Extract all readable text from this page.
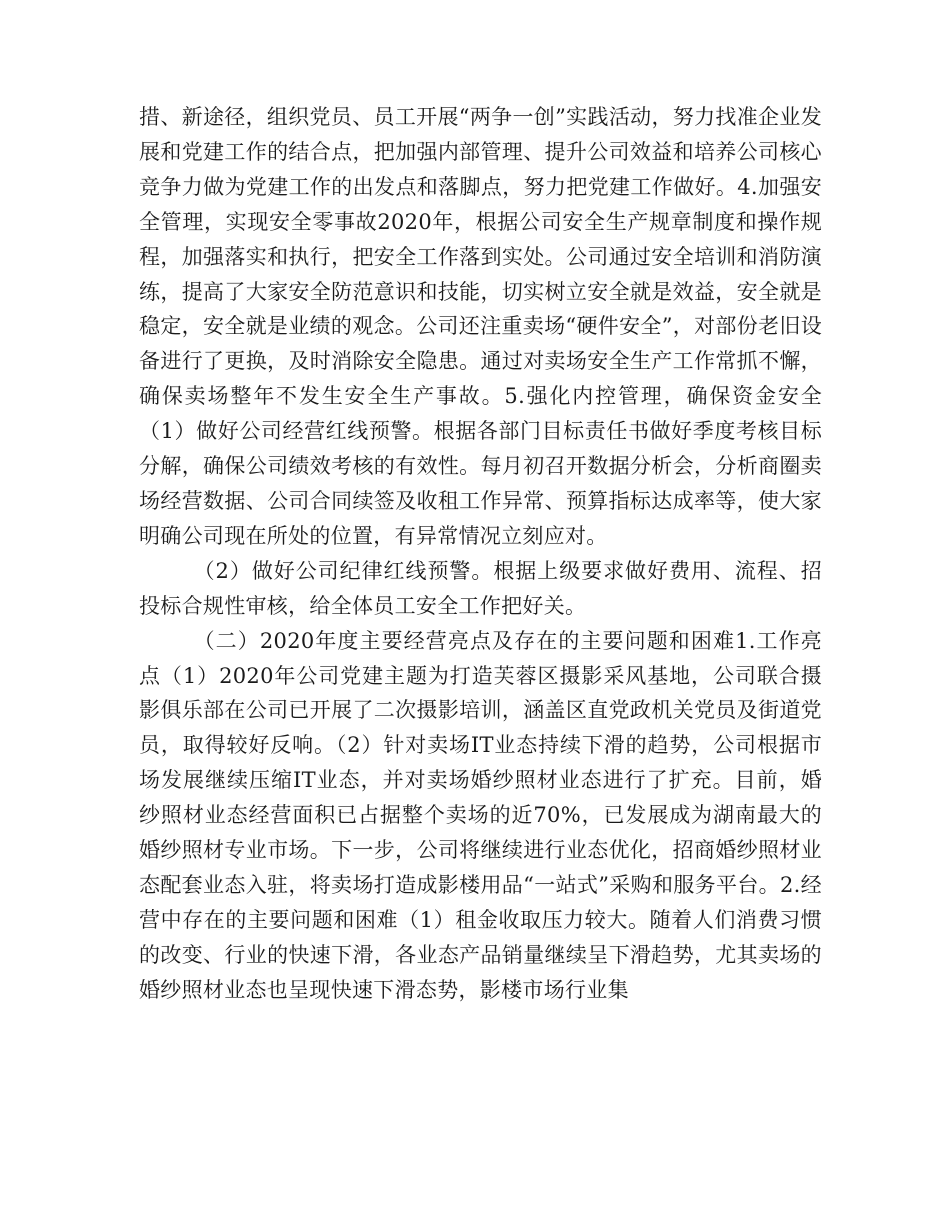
措、新途径，组织党员、员工开展“两争一创”实践活动，努力找准企业发展和党建工作的结合点，把加强内部管理、提升公司效益和培养公司核心竞争力做为党建工作的出发点和落脚点，努力把党建工作做好。4.加强安全管理，实现安全零事故2020年，根据公司安全生产规章制度和操作规程，加强落实和执行，把安全工作落到实处。公司通过安全培训和消防演练，提高了大家安全防范意识和技能，切实树立安全就是效益，安全就是稳定，安全就是业绩的观念。公司还注重卖场“硬件安全”，对部份老旧设备进行了更换，及时消除安全隐患。通过对卖场安全生产工作常抓不懈，确保卖场整年不发生安全生产事故。5.强化内控管理，确保资金安全（1）做好公司经营红线预警。根据各部门目标责任书做好季度考核目标分解，确保公司绩效考核的有效性。每月初召开数据分析会，分析商圈卖场经营数据、公司合同续签及收租工作异常、预算指标达成率等，使大家明确公司现在所处的位置，有异常情况立刻应对。

（2）做好公司纪律红线预警。根据上级要求做好费用、流程、招投标合规性审核，给全体员工安全工作把好关。

（二）2020年度主要经营亮点及存在的主要问题和困难1.工作亮点（1）2020年公司党建主题为打造芙蓉区摄影采风基地，公司联合摄影俱乐部在公司已开展了二次摄影培训，涵盖区直党政机关党员及街道党员，取得较好反响。（2）针对卖场IT业态持续下滑的趋势，公司根据市场发展继续压缩IT业态，并对卖场婚纱照材业态进行了扩充。目前，婚纱照材业态经营面积已占据整个卖场的近70%，已发展成为湖南最大的婚纱照材专业市场。下一步，公司将继续进行业态优化，招商婚纱照材业态配套业态入驻，将卖场打造成影楼用品“一站式”采购和服务平台。2.经营中存在的主要问题和困难（1）租金收取压力较大。随着人们消费习惯的改变、行业的快速下滑，各业态产品销量继续呈下滑趋势，尤其卖场的婚纱照材业态也呈现快速下滑态势，影楼市场行业集
